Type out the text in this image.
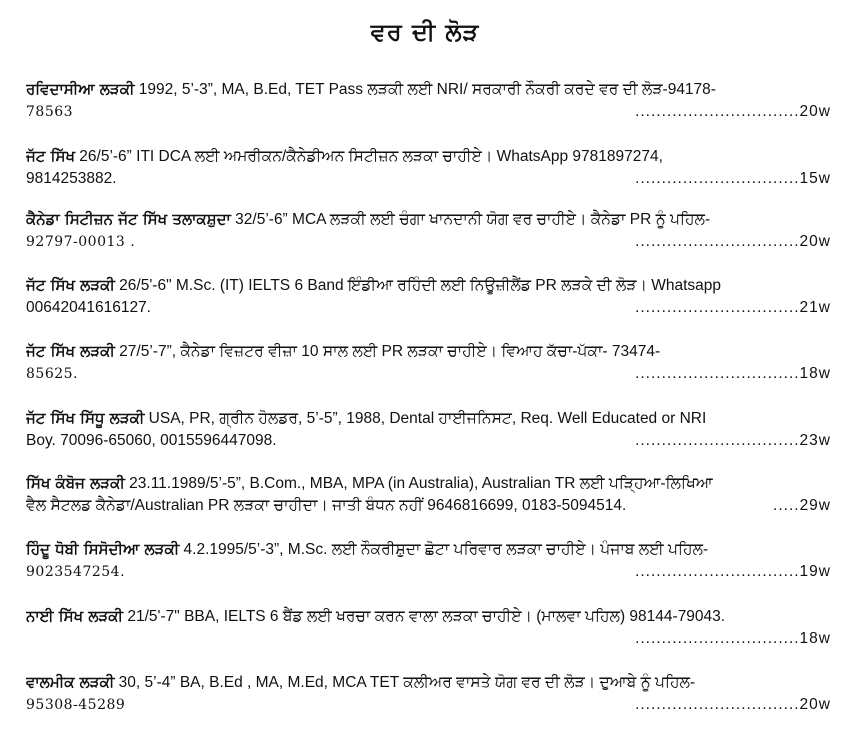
ਵਰ ਦੀ ਲੋੜ
ਰਵਿਦਾਸੀਆ ਲੜਕੀ 1992, 5’-3”, MA, B.Ed, TET Pass ਲੜਕੀ ਲਈ NRI/ ਸਰਕਾਰੀ ਨੌਕਰੀ ਕਰਦੇ ਵਰ ਦੀ ਲੋੜ-94178-
78563	...............................20w
ਜੱਟ ਸਿੱਖ 26/5’-6” ITI DCA ਲਈ ਅਮਰੀਕਨ/ਕੈਨੇਡੀਅਨ ਸਿਟੀਜ਼ਨ ਲੜਕਾ ਚਾਹੀਏ। WhatsApp 9781897274,
9814253882.	...............................15w
ਕੈਨੇਡਾ ਸਿਟੀਜ਼ਨ ਜੱਟ ਸਿੱਖ ਤਲਾਕਸ਼ੁਦਾ 32/5’-6” MCA ਲੜਕੀ ਲਈ ਚੰਗਾ ਖਾਨਦਾਨੀ ਯੋਗ ਵਰ ਚਾਹੀਏ। ਕੈਨੇਡਾ PR ਨੂੰ ਪਹਿਲ-
92797-00013 .	...............................20w
ਜੱਟ ਸਿੱਖ ਲੜਕੀ 26/5'-6" M.Sc. (IT) IELTS 6 Band ਇੰਡੀਆ ਰਹਿੰਦੀ ਲਈ ਨਿਊਜ਼ੀਲੈਂਡ PR ਲੜਕੇ ਦੀ ਲੋੜ। Whatsapp
00642041616127.	...............................21w
ਜੱਟ ਸਿੱਖ ਲੜਕੀ 27/5’-7”, ਕੈਨੇਡਾ ਵਿਜ਼ਟਰ ਵੀਜ਼ਾ 10 ਸਾਲ ਲਈ PR ਲੜਕਾ ਚਾਹੀਏ। ਵਿਆਹ ਕੱਚਾ-ਪੱਕਾ- 73474-
85625.	...............................18w
ਜੱਟ ਸਿੱਖ ਸਿੱਧੂ ਲੜਕੀ USA, PR, ਗ੍ਰੀਨ ਹੋਲਡਰ, 5’-5”, 1988, Dental ਹਾਈਜਨਿਸਟ, Req. Well Educated or NRI
Boy. 70096-65060, 0015596447098.	...............................23w
ਸਿੱਖ ਕੰਬੋਜ ਲੜਕੀ 23.11.1989/5’-5”, B.Com., MBA, MPA (in Australia), Australian TR ਲਈ ਪੜ੍ਹਿਆ-ਲਿਖਿਆ
ਵੈਲ ਸੈਟਲਡ ਕੈਨੇਡਾ/Australian PR ਲੜਕਾ ਚਾਹੀਦਾ। ਜਾਤੀ ਬੰਧਨ ਨਹੀਂ 9646816699, 0183-5094514.	.....29w
ਹਿੰਦੂ ਧੋਬੀ ਸਿਸੋਦੀਆ ਲੜਕੀ 4.2.1995/5’-3”, M.Sc. ਲਈ ਨੌਕਰੀਸ਼ੁਦਾ ਛੋਟਾ ਪਰਿਵਾਰ ਲੜਕਾ ਚਾਹੀਏ। ਪੰਜਾਬ ਲਈ ਪਹਿਲ-
9023547254.	...............................19w
ਨਾਈ ਸਿੱਖ ਲੜਕੀ 21/5'-7" BBA, IELTS 6 ਬੈਂਡ ਲਈ ਖਰਚਾ ਕਰਨ ਵਾਲਾ ਲੜਕਾ ਚਾਹੀਏ। (ਮਾਲਵਾ ਪਹਿਲ) 98144-79043.
...............................18w
ਵਾਲਮੀਕ ਲੜਕੀ 30, 5’-4” BA, B.Ed , MA, M.Ed, MCA TET ਕਲੀਅਰ ਵਾਸਤੇ ਯੋਗ ਵਰ ਦੀ ਲੋੜ। ਦੁਆਬੇ ਨੂੰ ਪਹਿਲ-
95308-45289	...............................20w
